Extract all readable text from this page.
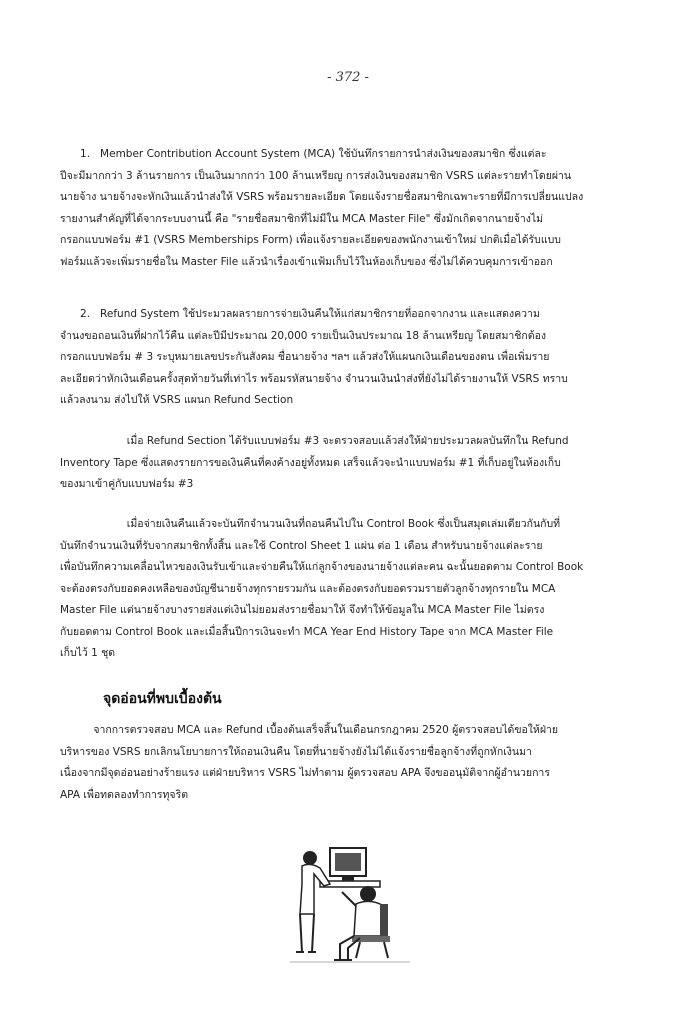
- 372 -
1.   Member Contribution Account System (MCA) ใช้บันทึกรายการนำส่งเงินของสมาชิก ซึ่งแต่ละ
ปีจะมีมากกว่า 3 ล้านรายการ เป็นเงินมากกว่า 100 ล้านเหรียญ การส่งเงินของสมาชิก VSRS แต่ละรายทำโดยผ่าน
นายจ้าง นายจ้างจะหักเงินแล้วนำส่งให้ VSRS พร้อมรายละเอียด โดยแจ้งรายชื่อสมาชิกเฉพาะรายที่มีการเปลี่ยนแปลง
รายงานสำคัญที่ได้จากระบบงานนี้ คือ "รายชื่อสมาชิกที่ไม่มีใน MCA Master File" ซึ่งมักเกิดจากนายจ้างไม่
กรอกแบบฟอร์ม #1 (VSRS Memberships Form) เพื่อแจ้งรายละเอียดของพนักงานเข้าใหม่ ปกติเมื่อได้รับแบบ
ฟอร์มแล้วจะเพิ่มรายชื่อใน Master File แล้วนำเรื่องเข้าแฟ้มเก็บไว้ในห้องเก็บของ ซึ่งไม่ได้ควบคุมการเข้าออก
2.   Refund System ใช้ประมวลผลรายการจ่ายเงินคืนให้แก่สมาชิกรายที่ออกจากงาน และแสดงความ
จำนงขอถอนเงินที่ฝากไว้คืน แต่ละปีมีประมาณ 20,000 รายเป็นเงินประมาณ 18 ล้านเหรียญ โดยสมาชิกต้อง
กรอกแบบฟอร์ม # 3 ระบุหมายเลขประกันสังคม ชื่อนายจ้าง ฯลฯ แล้วส่งให้แผนกเงินเดือนของตน เพื่อเพิ่มราย
ละเอียดว่าหักเงินเดือนครั้งสุดท้ายวันที่เท่าไร พร้อมรหัสนายจ้าง จำนวนเงินนำส่งที่ยังไม่ได้รายงานให้ VSRS ทราบ
แล้วลงนาม ส่งไปให้ VSRS แผนก Refund Section
เมื่อ Refund Section ได้รับแบบฟอร์ม #3 จะตรวจสอบแล้วส่งให้ฝ่ายประมวลผลบันทึกใน Refund
Inventory Tape ซึ่งแสดงรายการขอเงินคืนที่คงค้างอยู่ทั้งหมด เสร็จแล้วจะนำแบบฟอร์ม #1 ที่เก็บอยู่ในห้องเก็บ
ของมาเข้าคู่กับแบบฟอร์ม #3
เมื่อจ่ายเงินคืนแล้วจะบันทึกจำนวนเงินที่ถอนคืนไปใน Control Book ซึ่งเป็นสมุดเล่มเดียวกันกับที่
บันทึกจำนวนเงินที่รับจากสมาชิกทั้งสิ้น และใช้ Control Sheet 1 แผ่น ต่อ 1 เดือน สำหรับนายจ้างแต่ละราย
เพื่อบันทึกความเคลื่อนไหวของเงินรับเข้าและจ่ายคืนให้แก่ลูกจ้างของนายจ้างแต่ละคน ฉะนั้นยอดตาม Control Book
จะต้องตรงกับยอดคงเหลือของบัญชีนายจ้างทุกรายรวมกัน และต้องตรงกับยอดรวมรายตัวลูกจ้างทุกรายใน MCA
Master File แต่นายจ้างบางรายส่งแต่เงินไม่ยอมส่งรายชื่อมาให้ จึงทำให้ข้อมูลใน MCA Master File ไม่ตรง
กับยอดตาม Control Book และเมื่อสิ้นปีการเงินจะทำ MCA Year End History Tape จาก MCA Master File
เก็บไว้ 1 ชุด
จุดอ่อนที่พบเบื้องต้น
จากการตรวจสอบ MCA และ Refund เบื้องต้นเสร็จสิ้นในเดือนกรกฎาคม 2520 ผู้ตรวจสอบได้ขอให้ฝ่าย
บริหารของ VSRS ยกเลิกนโยบายการให้ถอนเงินคืน โดยที่นายจ้างยังไม่ได้แจ้งรายชื่อลูกจ้างที่ถูกหักเงินมา
เนื่องจากมีจุดอ่อนอย่างร้ายแรง แต่ฝ่ายบริหาร VSRS ไม่ทำตาม ผู้ตรวจสอบ APA จึงขออนุมัติจากผู้อำนวยการ
APA เพื่อทดลองทำการทุจริต
